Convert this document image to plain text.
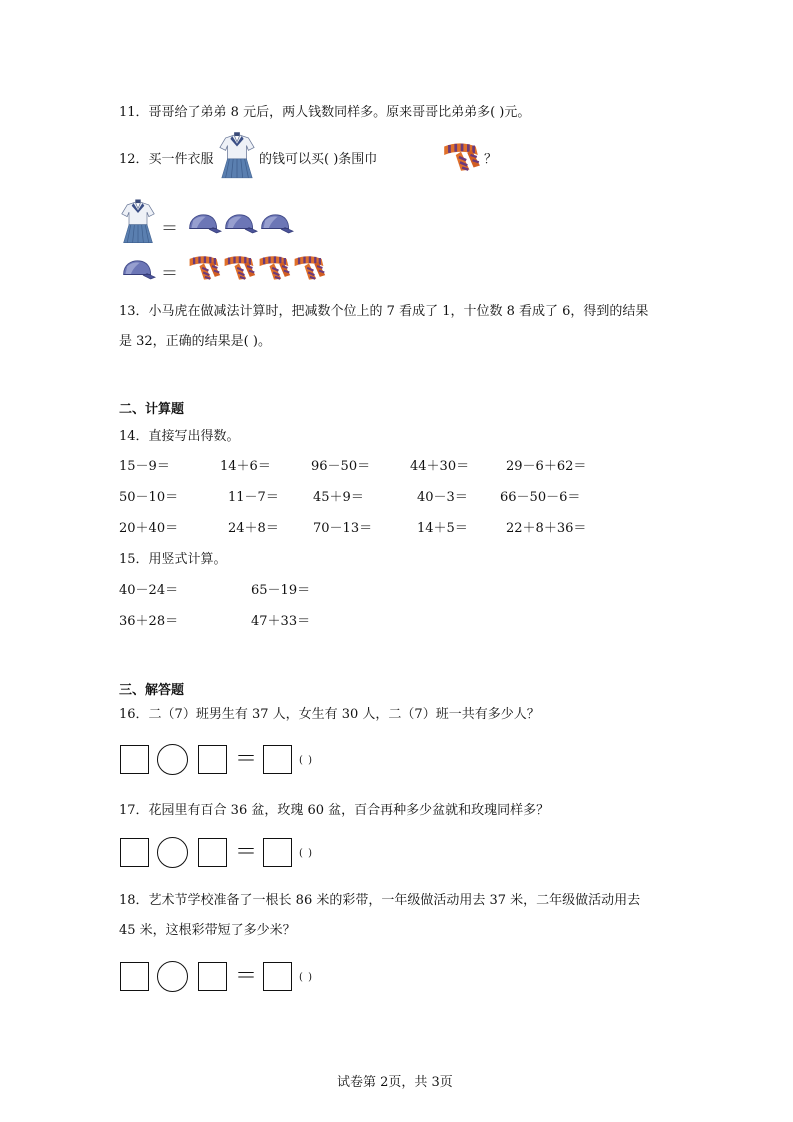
11．哥哥给了弟弟 8 元后，两人钱数同样多。原来哥哥比弟弟多( )元。
12．买一件衣服	的钱可以买( )条围巾	？
＝
＝
13．小马虎在做减法计算时，把减数个位上的 7 看成了 1，十位数 8 看成了 6，得到的结果
是 32，正确的结果是( )。
二、计算题
14．直接写出得数。
15－9＝	14＋6＝	96－50＝	44＋30＝	29－6＋62＝
50－10＝	11－7＝	45＋9＝	40－3＝ 66－50－6＝
20＋40＝	24＋8＝	70－13＝	14＋5＝	22＋8＋36＝
15．用竖式计算。
40－24＝	65－19＝
36＋28＝	47＋33＝
三、解答题
16．二（7）班男生有 37 人，女生有 30 人，二（7）班一共有多少人？
＝	( )
17．花园里有百合 36 盆，玫瑰 60 盆，百合再种多少盆就和玫瑰同样多？
＝	( )
18．艺术节学校准备了一根长 86 米的彩带，一年级做活动用去 37 米，二年级做活动用去
45 米，这根彩带短了多少米？
＝	( )
试卷第 2页，共 3页
